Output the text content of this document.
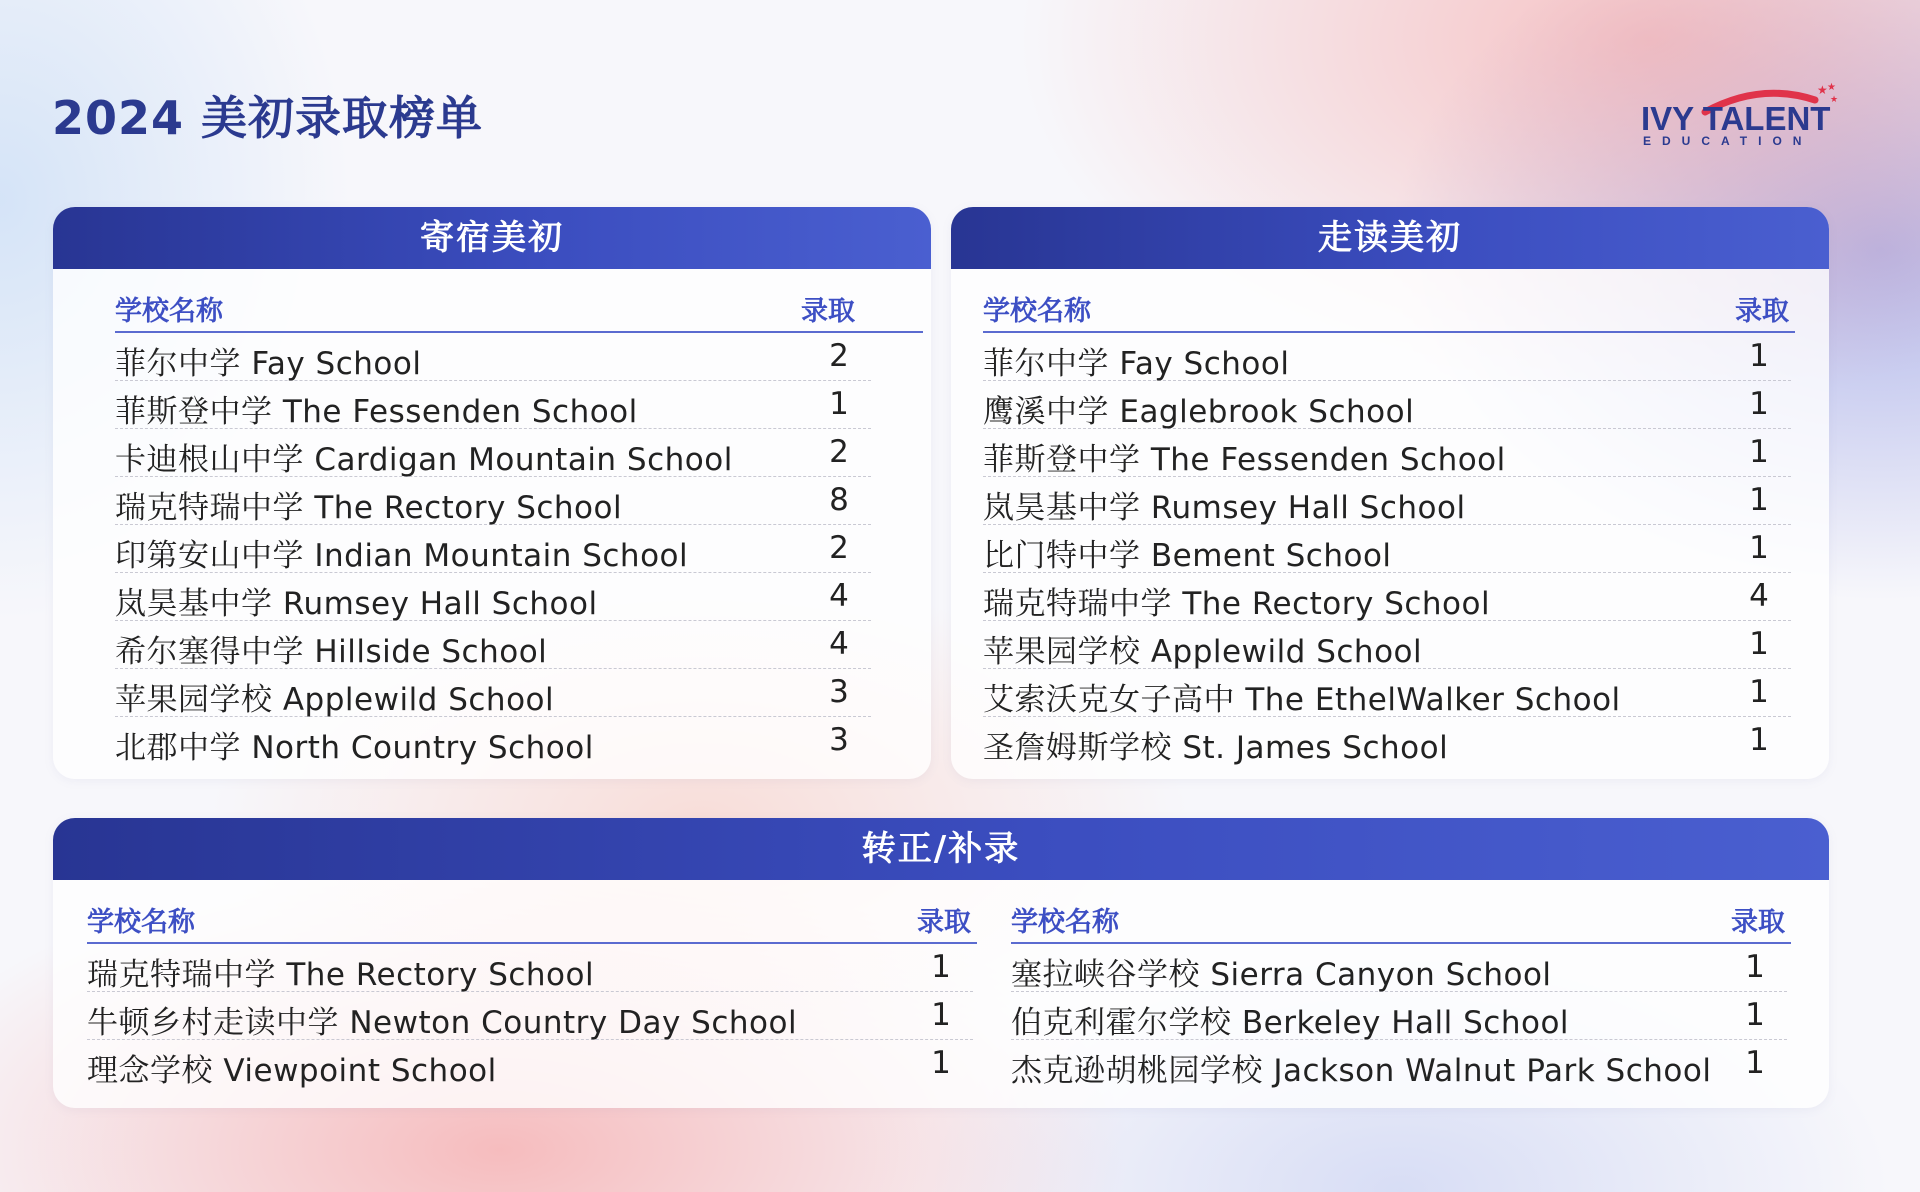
2024 美初录取榜单
★ ★
★
IVY TALENT
EDUCATION
寄宿美初
学校名称	录取
菲尔中学 Fay School	2
菲斯登中学 The Fessenden School	1
卡迪根山中学 Cardigan Mountain School	2
瑞克特瑞中学 The Rectory School	8
印第安山中学 Indian Mountain School	2
岚昊基中学 Rumsey Hall School	4
希尔塞得中学 Hillside School	4
苹果园学校 Applewild School	3
北郡中学 North Country School	3
走读美初
学校名称	录取
菲尔中学 Fay School	1
鹰溪中学 Eaglebrook School	1
菲斯登中学 The Fessenden School	1
岚昊基中学 Rumsey Hall School	1
比门特中学 Bement School	1
瑞克特瑞中学 The Rectory School	4
苹果园学校 Applewild School	1
艾索沃克女子高中 The EthelWalker School	1
圣詹姆斯学校 St. James School	1
转正/补录
学校名称	录取
瑞克特瑞中学 The Rectory School	1
牛顿乡村走读中学 Newton Country Day School	1
理念学校 Viewpoint School	1
学校名称	录取
塞拉峡谷学校 Sierra Canyon School	1
伯克利霍尔学校 Berkeley Hall School	1
杰克逊胡桃园学校 Jackson Walnut Park School 1
